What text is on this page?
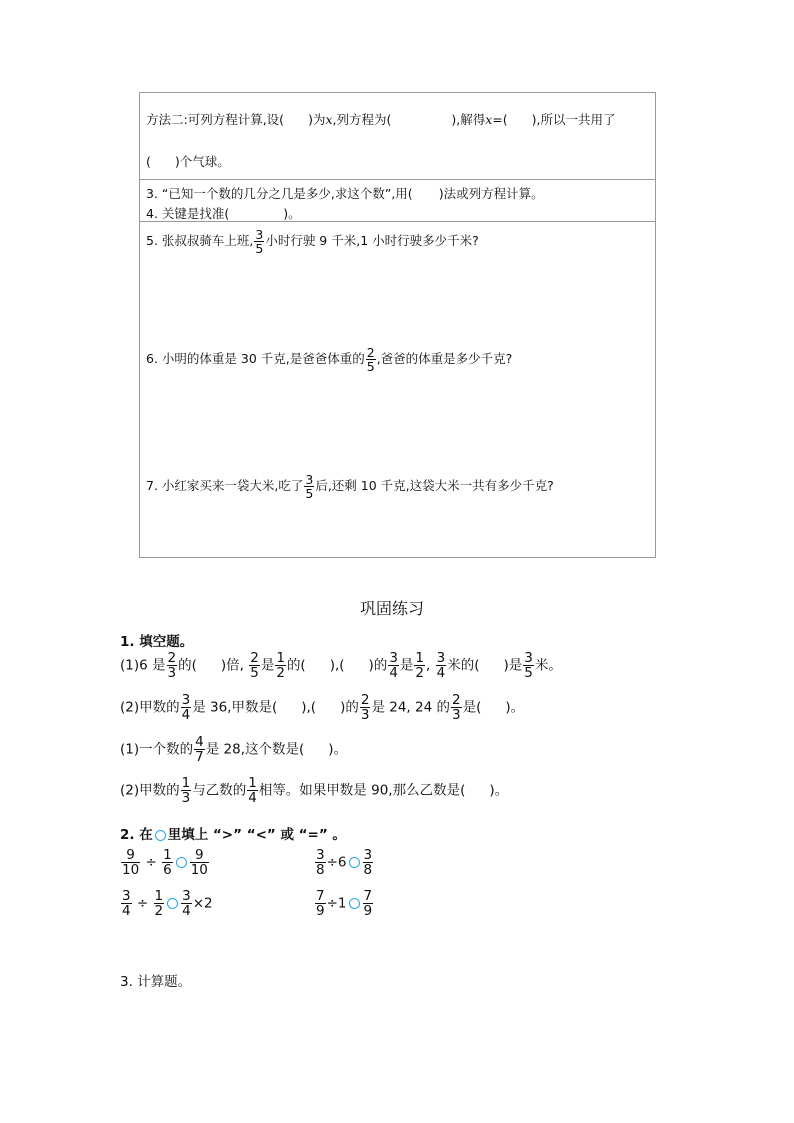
方法二:可列方程计算,设( )为x,列方程为(	),解得x=( ),所以一共用了
( )个气球。
3. “已知一个数的几分之几是多少,求这个数”,用( )法或列方程计算。
4. 关键是找准(	)。
5. 张叔叔骑车上班, $\frac{3}{5}$ 小时行驶 9 千米,1 小时行驶多少千米?
6. 小明的体重是 30 千克,是爸爸体重的 $\frac{2}{5}$ ,爸爸的体重是多少千克?
7. 小红家买来一袋大米,吃了 $\frac{3}{5}$ 后,还剩 10 千克,这袋大米一共有多少千克?
巩固练习
1. 填空题。
(1)6 是 $\frac{2}{3}$ 的( )倍, $\frac{2}{5}$ 是 $\frac{1}{2}$ 的( ),( )的 $\frac{3}{4}$ 是 $\frac{1}{2}$ , $\frac{3}{4}$ 米的( )是 $\frac{3}{5}$ 米。
(2)甲数的 $\frac{3}{4}$ 是 36,甲数是( ),( )的 $\frac{2}{3}$ 是 24, 24 的 $\frac{2}{3}$ 是( )。
(1)一个数的 $\frac{4}{7}$ 是 28,这个数是( )。
(2)甲数的 $\frac{1}{3}$ 与乙数的 $\frac{1}{4}$ 相等。如果甲数是 90,那么乙数是( )。
2. 在 里填上 “>” “<” 或 “=” 。
$\frac{9}{10} \div \frac{1}{6} \frac{9}{10}$	$\frac{3}{8} \div 6 \frac{3}{8}$
$\frac{3}{4} \div \frac{1}{2} \frac{3}{4} \times 2$	$\frac{7}{9} \div 1 \frac{7}{9}$
3. 计算题。
